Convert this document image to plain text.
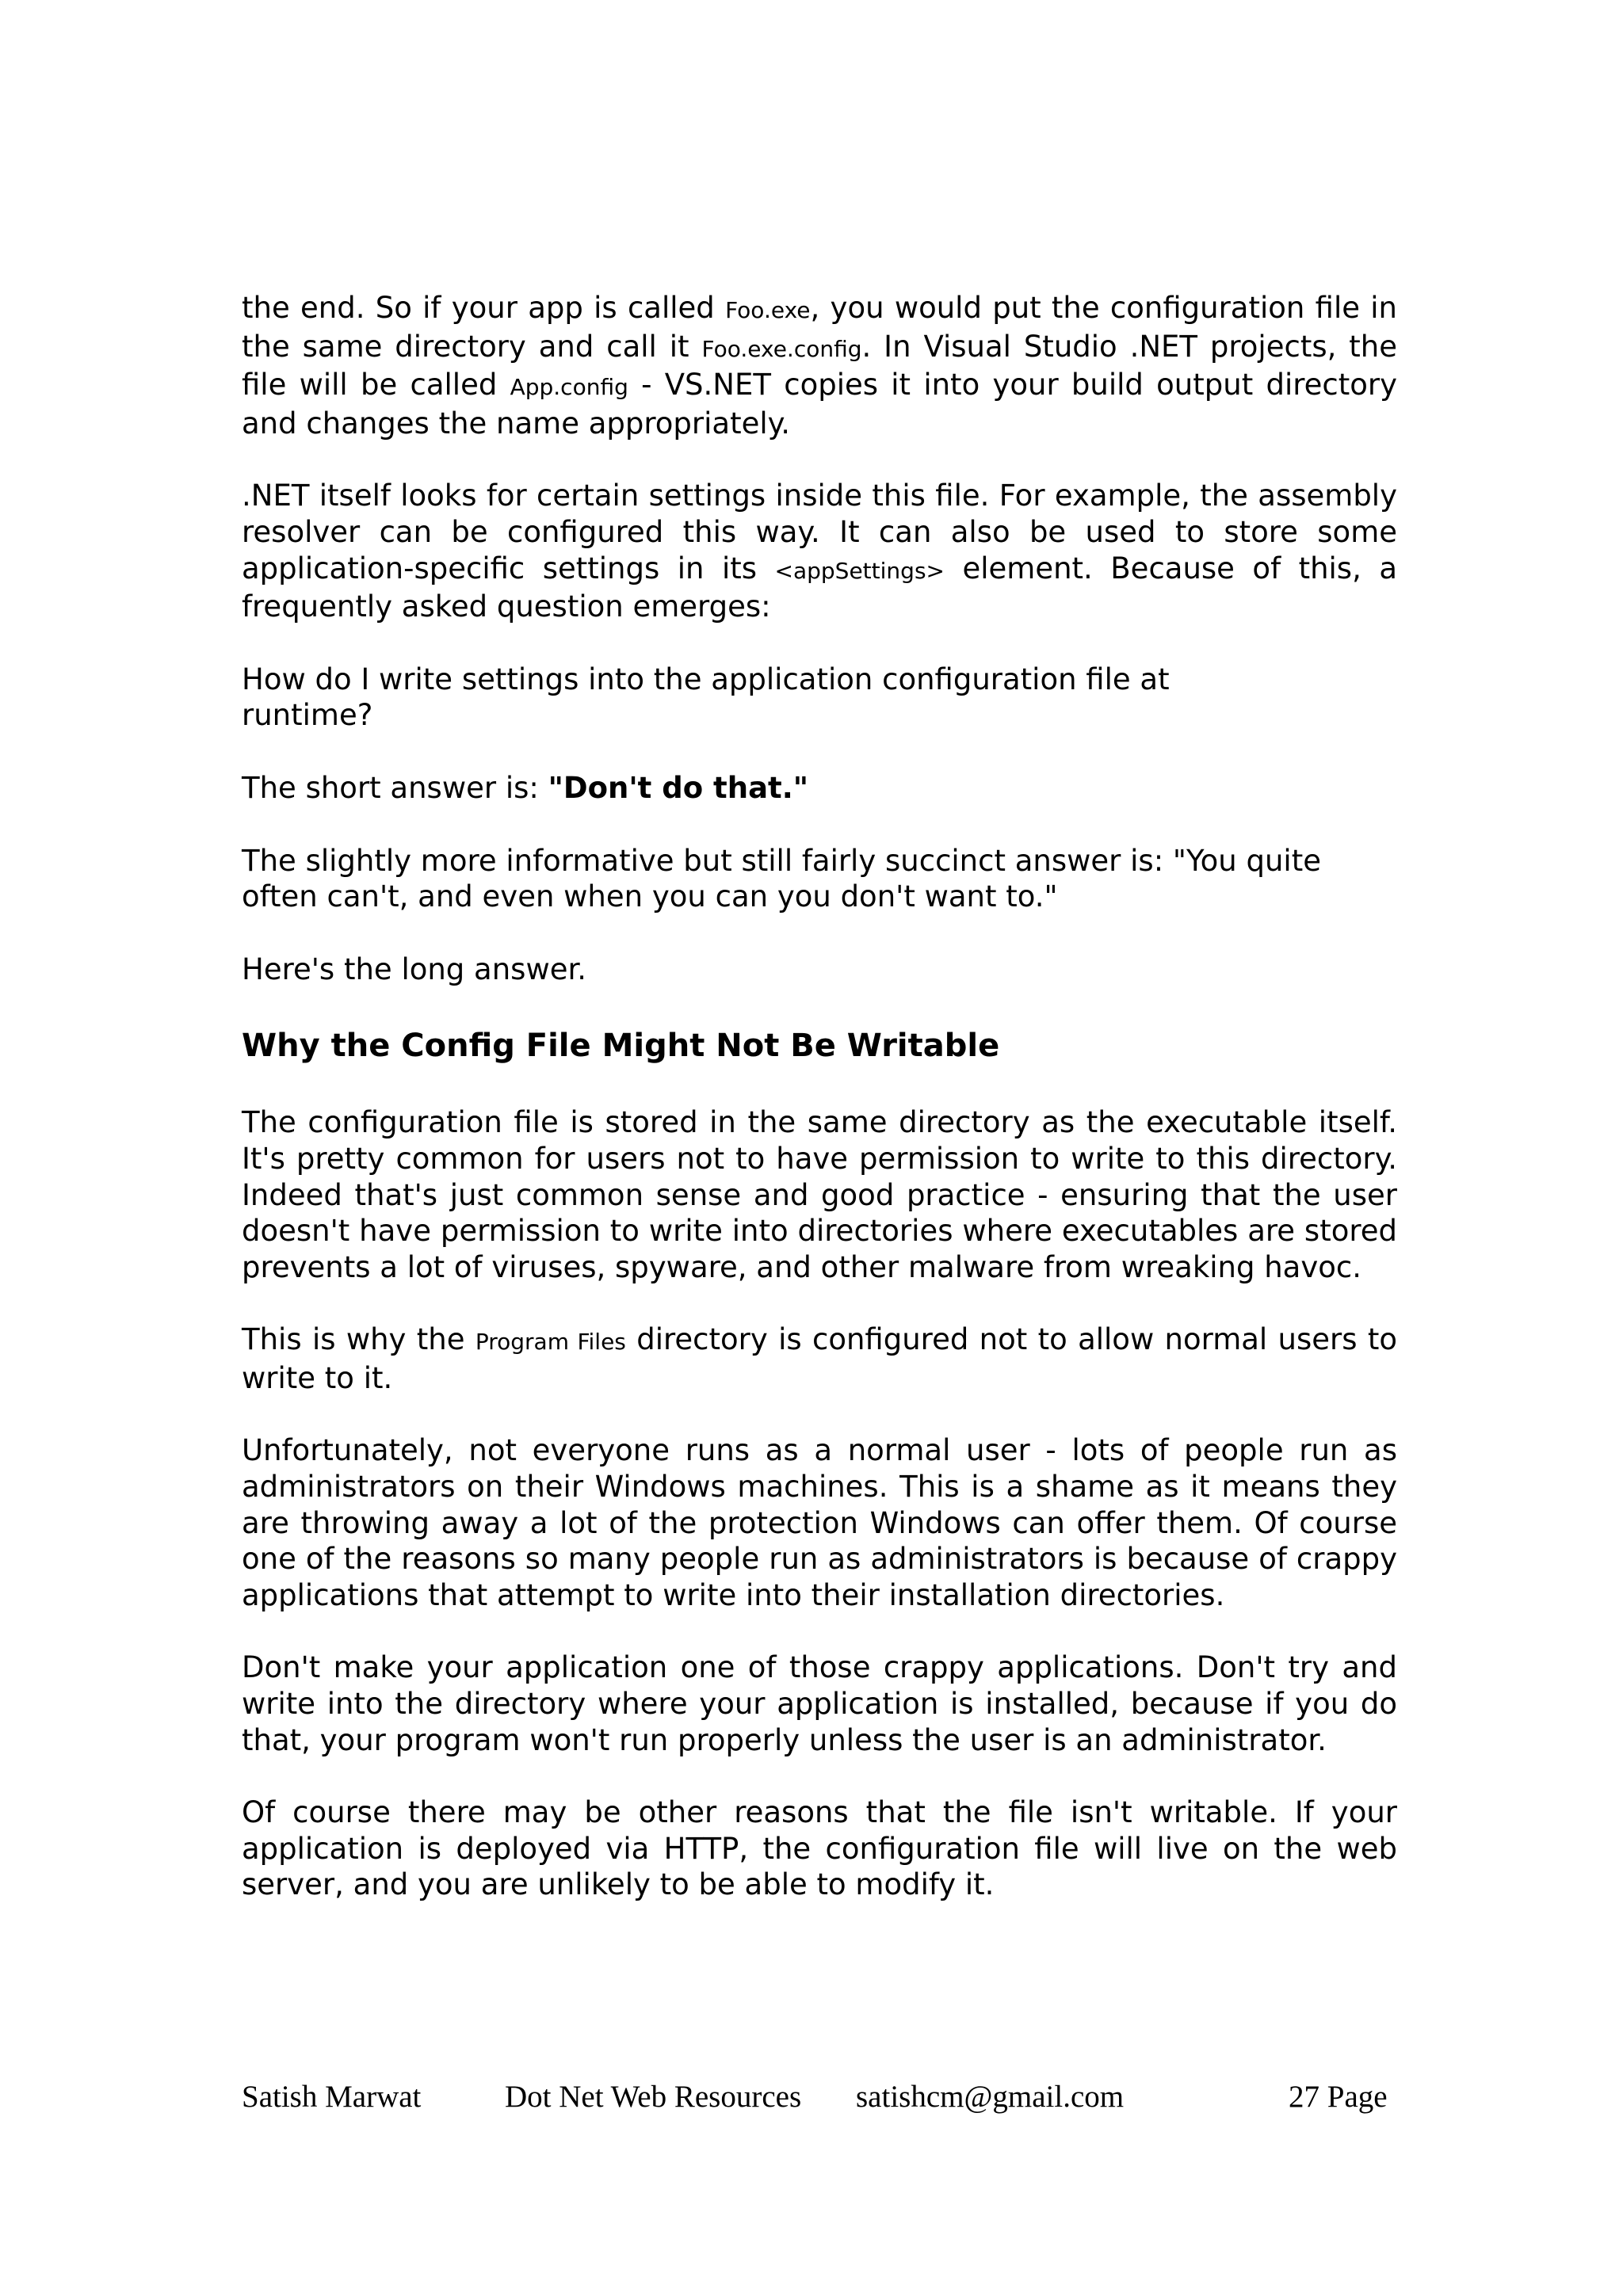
the end. So if your app is called Foo.exe, you would put the configuration file in the same directory and call it Foo.exe.config. In Visual Studio .NET projects, the file will be called App.config - VS.NET copies it into your build output directory and changes the name appropriately.
.NET itself looks for certain settings inside this file. For example, the assembly resolver can be configured this way. It can also be used to store some application-specific settings in its <appSettings> element. Because of this, a frequently asked question emerges:
How do I write settings into the application configuration file at
runtime?
The short answer is: "Don't do that."
The slightly more informative but still fairly succinct answer is: "You quite
often can't, and even when you can you don't want to."
Here's the long answer.
Why the Config File Might Not Be Writable
The configuration file is stored in the same directory as the executable itself. It's pretty common for users not to have permission to write to this directory. Indeed that's just common sense and good practice - ensuring that the user doesn't have permission to write into directories where executables are stored prevents a lot of viruses, spyware, and other malware from wreaking havoc.
This is why the Program Files directory is configured not to allow normal users to write to it.
Unfortunately, not everyone runs as a normal user - lots of people run as administrators on their Windows machines. This is a shame as it means they are throwing away a lot of the protection Windows can offer them. Of course one of the reasons so many people run as administrators is because of crappy applications that attempt to write into their installation directories.
Don't make your application one of those crappy applications. Don't try and write into the directory where your application is installed, because if you do that, your program won't run properly unless the user is an administrator.
Of course there may be other reasons that the file isn't writable. If your application is deployed via HTTP, the configuration file will live on the web server, and you are unlikely to be able to modify it.
Satish Marwat	Dot Net Web Resources satishcm@gmail.com	27 Page
